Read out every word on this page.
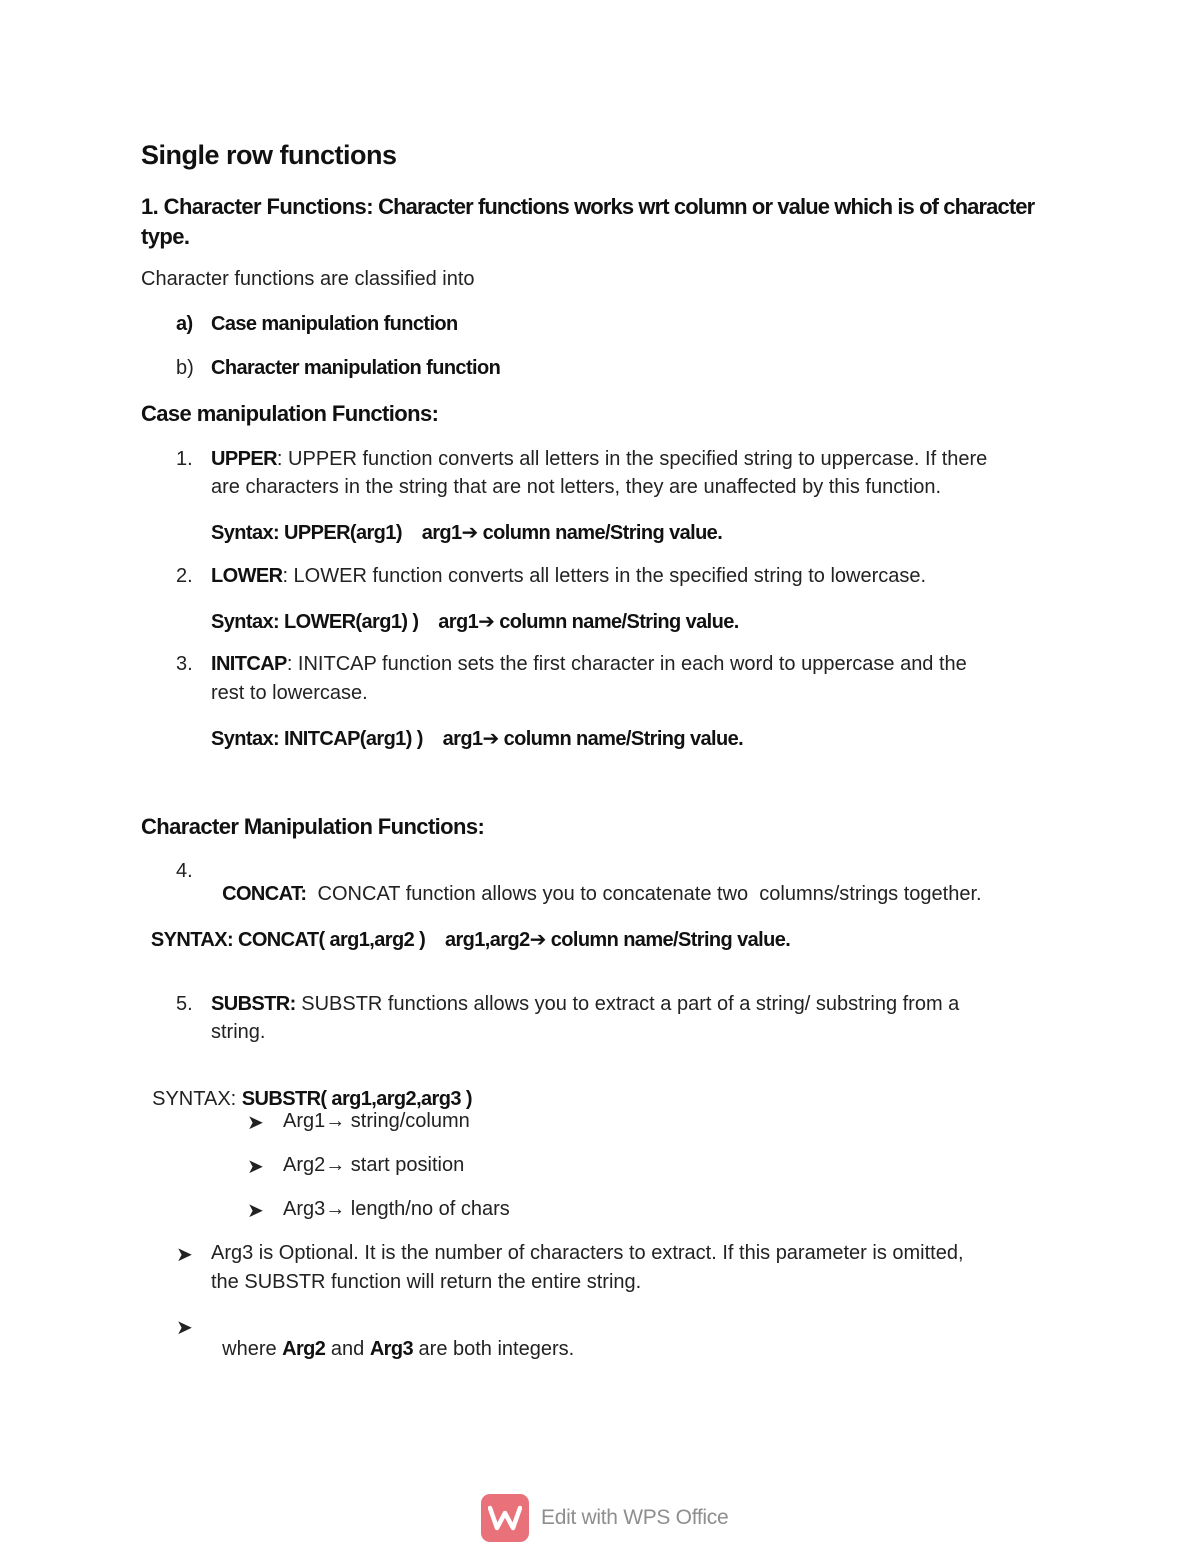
Single row functions
1. Character Functions: Character functions works wrt column or value which is of character
type.
Character functions are classified into
a) Case manipulation function
b) Character manipulation function
Case manipulation Functions:
1. UPPER: UPPER function converts all letters in the specified string to uppercase. If there
are characters in the string that are not letters, they are unaffected by this function.
Syntax: UPPER(arg1)    arg1➔ column name/String value.
2. LOWER: LOWER function converts all letters in the specified string to lowercase.
Syntax: LOWER(arg1) )    arg1➔ column name/String value.
3. INITCAP: INITCAP function sets the first character in each word to uppercase and the
rest to lowercase.
Syntax: INITCAP(arg1) )    arg1➔ column name/String value.
Character Manipulation Functions:
4.

CONCAT:  CONCAT function allows you to concatenate two  columns/strings together.

SYNTAX: CONCAT( arg1,arg2 )    arg1,arg2➔ column name/String value.

5. SUBSTR: SUBSTR functions allows you to extract a part of a string/ substring from a
string.

SYNTAX: SUBSTR( arg1,arg2,arg3 )

➤ Arg1→ string/column
➤ Arg2→ start position
➤ Arg3→ length/no of chars
➤ Arg3 is Optional. It is the number of characters to extract. If this parameter is omitted,
the SUBSTR function will return the entire string.
➤

where Arg2 and Arg3 are both integers.

Edit with WPS Office
